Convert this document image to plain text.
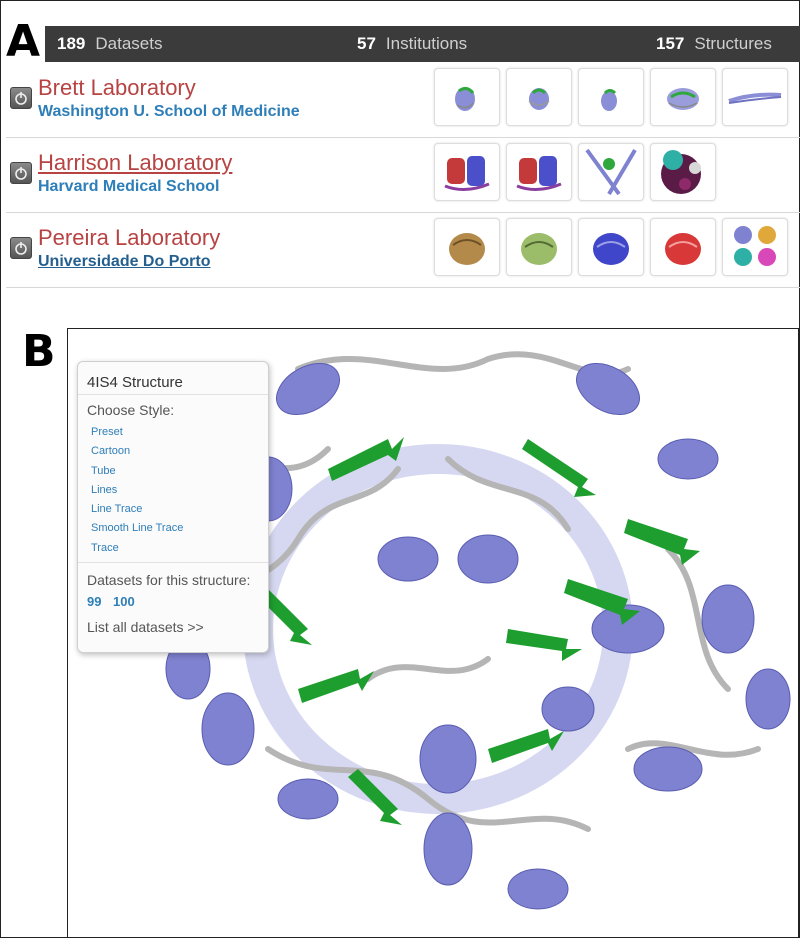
A 189 Datasets	57 Institutions	157 Structures
Brett Laboratory
Washington U. School of Medicine
Harrison Laboratory
Harvard Medical School
Pereira Laboratory
Universidade Do Porto
B
4IS4 Structure
Choose Style:
Preset
Cartoon
Tube
Lines
Line Trace
Smooth Line Trace
Trace
Datasets for this structure:
99 100
List all datasets >>
